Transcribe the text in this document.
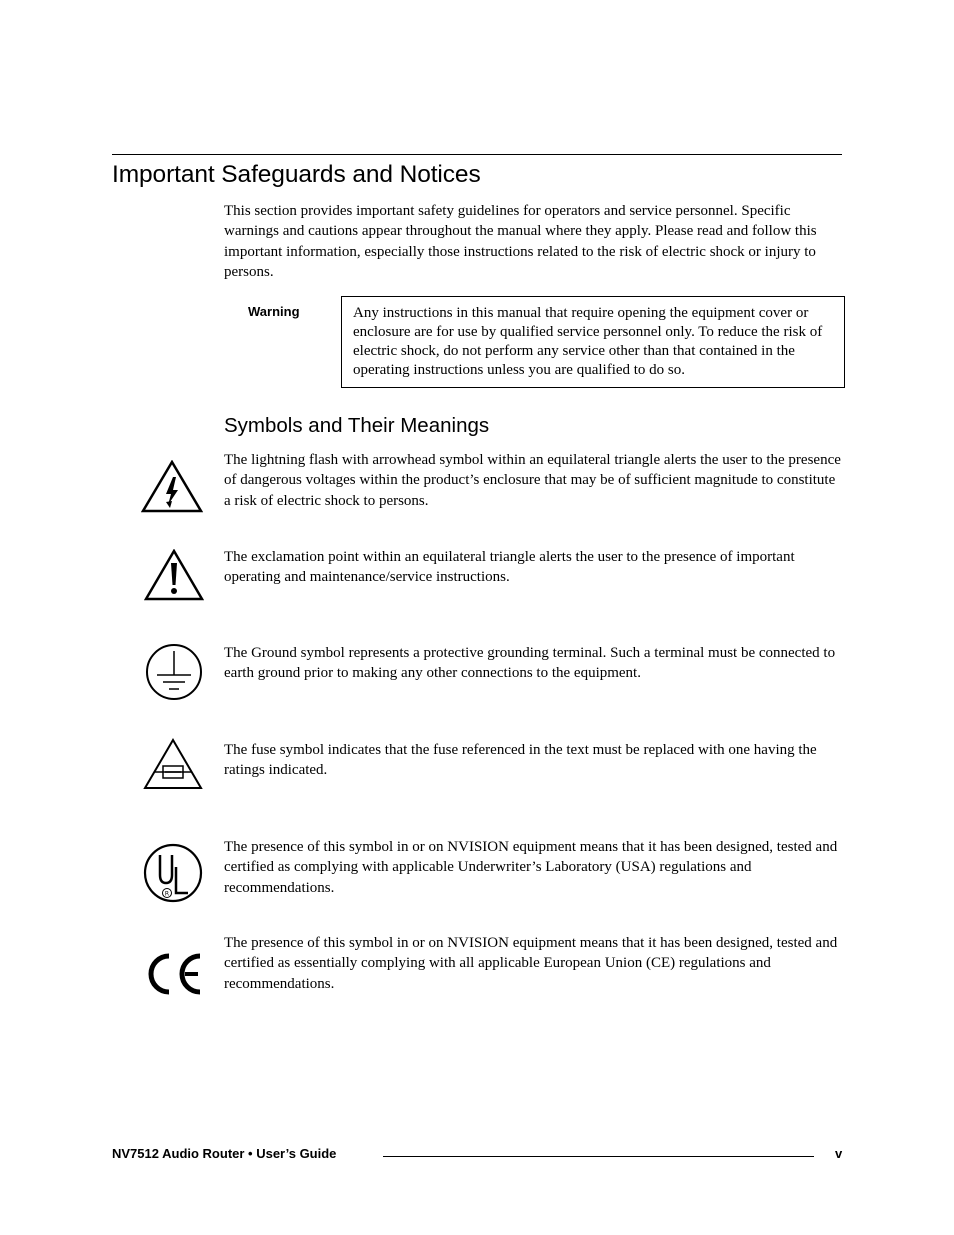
Important Safeguards and Notices

This section provides important safety guidelines for operators and service personnel. Specific warnings and cautions appear throughout the manual where they apply. Please read and follow this important information, especially those instructions related to the risk of electric shock or injury to persons.

Warning	Any instructions in this manual that require opening the equipment cover or enclosure are for use by qualified service personnel only. To reduce the risk of electric shock, do not perform any service other than that contained in the operating instructions unless you are qualified to do so.
Symbols and Their Meanings

The lightning flash with arrowhead symbol within an equilateral triangle alerts the user to the presence of dangerous voltages within the product’s enclosure that may be of sufficient magnitude to constitute a risk of electric shock to persons.

The exclamation point within an equilateral triangle alerts the user to the presence of important operating and maintenance/service instructions.

The Ground symbol represents a protective grounding terminal. Such a terminal must be connected to earth ground prior to making any other connections to the equipment.

The fuse symbol indicates that the fuse referenced in the text must be replaced with one having the ratings indicated.

R

The presence of this symbol in or on NVISION equipment means that it has been designed, tested and certified as complying with applicable Underwriter’s Laboratory (USA) regulations and recommendations.

The presence of this symbol in or on NVISION equipment means that it has been designed, tested and certified as essentially complying with all applicable European Union (CE) regulations and recommendations.

NV7512 Audio Router • User’s Guide	v
